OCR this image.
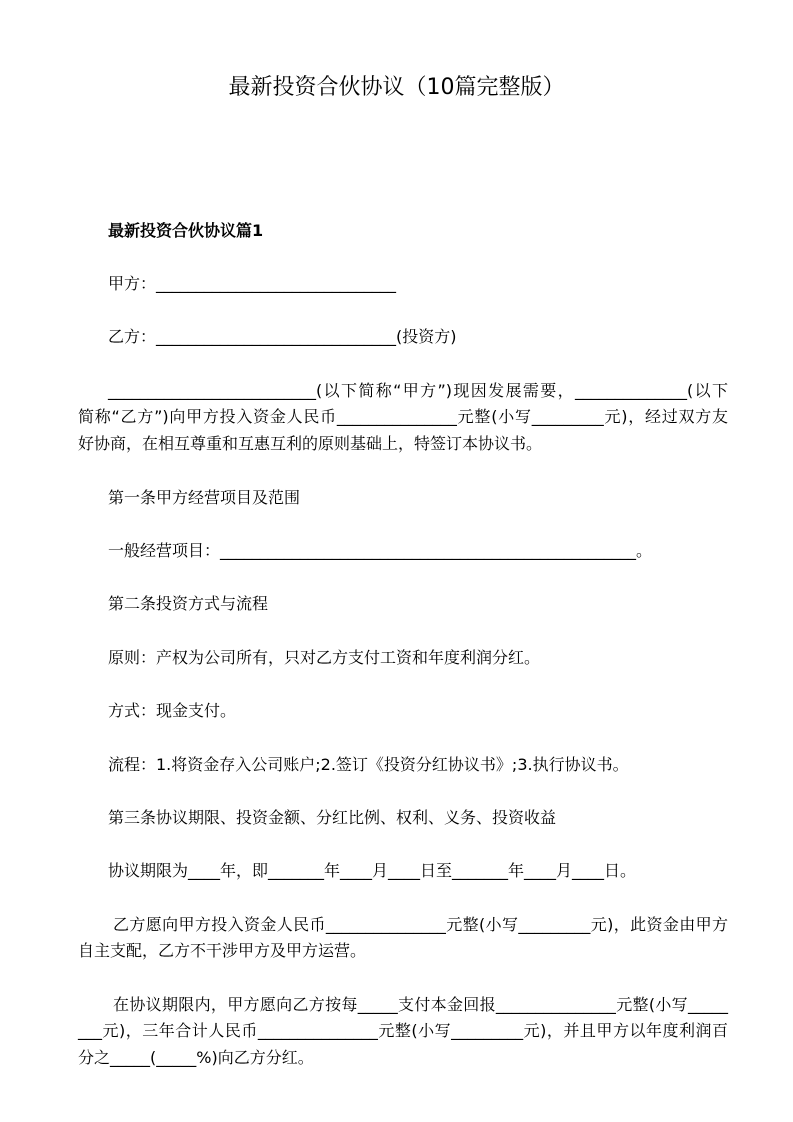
最新投资合伙协议（10篇完整版）
最新投资合伙协议篇1
甲方：______________________________
乙方：______________________________(投资方)
__________________________(以下简称“甲方”)现因发展需要，______________(以下
简称“乙方”)向甲方投入资金人民币_______________元整(小写_________元)，经过双方友
好协商，在相互尊重和互惠互利的原则基础上，特签订本协议书。
第一条甲方经营项目及范围
一般经营项目：____________________________________________________。
第二条投资方式与流程
原则：产权为公司所有，只对乙方支付工资和年度利润分红。
方式：现金支付。
流程：1.将资金存入公司账户;2.签订《投资分红协议书》;3.执行协议书。
第三条协议期限、投资金额、分红比例、权利、义务、投资收益
协议期限为____年，即_______年____月____日至_______年____月____日。
乙方愿向甲方投入资金人民币_______________元整(小写_________元)，此资金由甲方
自主支配，乙方不干涉甲方及甲方运营。
在协议期限内，甲方愿向乙方按每_____支付本金回报_______________元整(小写_____
___元)，三年合计人民币_______________元整(小写_________元)，并且甲方以年度利润百
分之_____(_____%)向乙方分红。
